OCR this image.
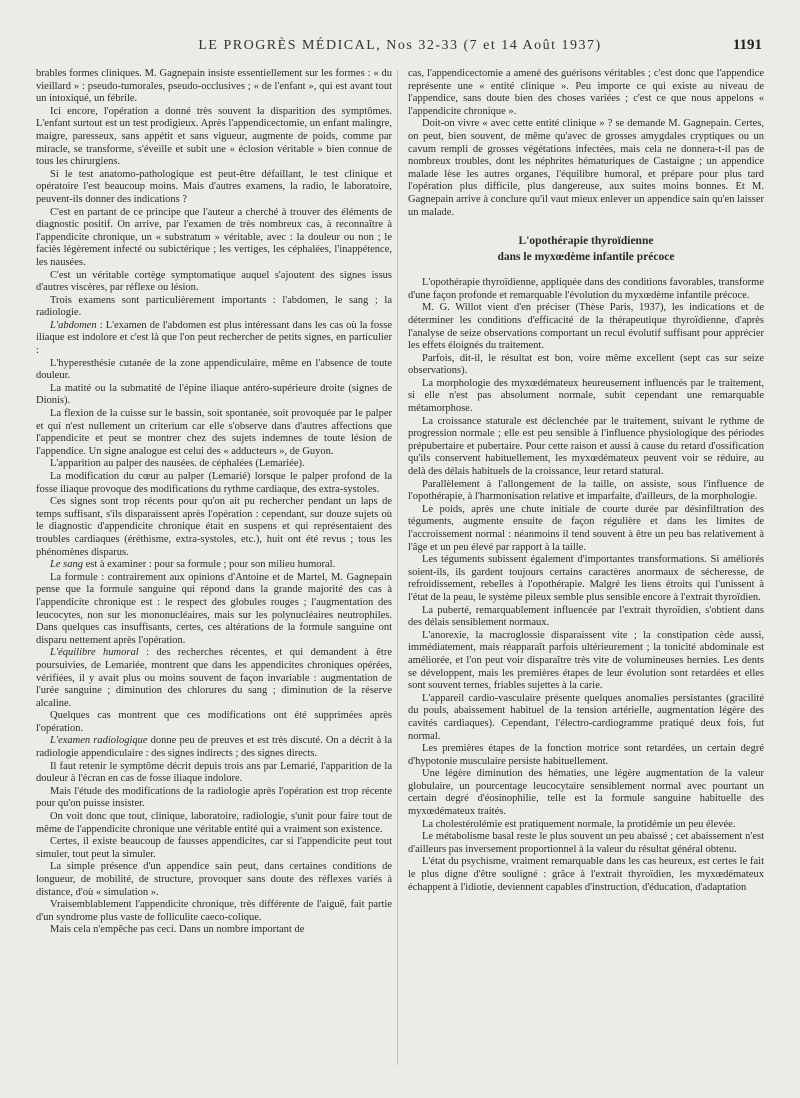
LE PROGRÈS MÉDICAL, Nos 32-33 (7 et 14 Août 1937)	1191

brables formes cliniques. M. Gagnepain insiste essentiellement sur les formes : « du vieillard » : pseudo-tumorales, pseudo-occlusives ; « de l'enfant », qui est avant tout un intoxiqué, un fébrile.

Ici encore, l'opération a donné très souvent la disparition des symptômes. L'enfant surtout est un test prodigieux. Après l'appendicectomie, un enfant malingre, maigre, paresseux, sans appétit et sans vigueur, augmente de poids, comme par miracle, se transforme, s'éveille et subit une « éclosion véritable » bien connue de tous les chirurgiens.

Si le test anatomo-pathologique est peut-être défaillant, le test clinique et opératoire l'est beaucoup moins. Mais d'autres examens, la radio, le laboratoire, peuvent-ils donner des indications ?

C'est en partant de ce principe que l'auteur a cherché à trouver des éléments de diagnostic positif. On arrive, par l'examen de très nombreux cas, à reconnaître à l'appendicite chronique, un « substratum » véritable, avec : la douleur ou non ; le faciès légèrement infecté ou subictérique ; les vertiges, les céphalées, l'inappétence, les nausées.

C'est un véritable cortège symptomatique auquel s'ajoutent des signes issus d'autres viscères, par réflexe ou lésion.

Trois examens sont particulièrement importants : l'abdomen, le sang ; la radiologie.

L'abdomen : L'examen de l'abdomen est plus intéressant dans les cas où la fosse iliaque est indolore et c'est là que l'on peut rechercher de petits signes, en particulier :

L'hyperesthésie cutanée de la zone appendiculaire, même en l'absence de toute douleur.

La matité ou la submatité de l'épine iliaque antéro-supérieure droite (signes de Dionis).

La flexion de la cuisse sur le bassin, soit spontanée, soit provoquée par le palper et qui n'est nullement un criterium car elle s'observe dans d'autres affections que l'appendicite et peut se montrer chez des sujets indemnes de toute lésion de l'appendice. Un signe analogue est celui des « adducteurs », de Guyon.

L'apparition au palper des nausées. de céphalées (Lemariée).

La modification du cœur au palper (Lemarié) lorsque le palper profond de la fosse iliaque provoque des modifications du rythme cardiaque, des extra-systoles.

Ces signes sont trop récents pour qu'on ait pu rechercher pendant un laps de temps suffisant, s'ils disparaissent après l'opération : cependant, sur douze sujets où le diagnostic d'appendicite chronique était en suspens et qui représentaient des troubles cardiaques (éréthisme, extra-systoles, etc.), huit ont été revus ; tous les phénomènes disparus.

Le sang est à examiner : pour sa formule ; pour son milieu humoral.

La formule : contrairement aux opinions d'Antoine et de Martel, M. Gagnepain pense que la formule sanguine qui répond dans la grande majorité des cas à l'appendicite chronique est : le respect des globules rouges ; l'augmentation des leucocytes, non sur les mononucléaires, mais sur les polynucléaires neutrophiles. Dans quelques cas insuffisants, certes, ces altérations de la formule sanguine ont disparu nettement après l'opération.

L'équilibre humoral : des recherches récentes, et qui demandent à être poursuivies, de Lemariée, montrent que dans les appendicites chroniques opérées, vérifiées, il y avait plus ou moins souvent de façon invariable : augmentation de l'urée sanguine ; diminution des chlorures du sang ; diminution de la réserve alcaline.

Quelques cas montrent que ces modifications ont été supprimées après l'opération.

L'examen radiologique donne peu de preuves et est très discuté. On a décrit à la radiologie appendiculaire : des signes indirects ; des signes directs.

Il faut retenir le symptôme décrit depuis trois ans par Lemarié, l'apparition de la douleur à l'écran en cas de fosse iliaque indolore.

Mais l'étude des modifications de la radiologie après l'opération est trop récente pour qu'on puisse insister.

On voit donc que tout, clinique, laboratoire, radiologie, s'unit pour faire tout de même de l'appendicite chronique une véritable entité qui a vraiment son existence.

Certes, il existe beaucoup de fausses appendicites, car si l'appendicite peut tout simuler, tout peut la simuler.

La simple présence d'un appendice sain peut, dans certaines conditions de longueur, de mobilité, de structure, provoquer sans doute des réflexes variés à distance, d'où « simulation ».

Vraisemblablement l'appendicite chronique, très différente de l'aiguë, fait partie d'un syndrome plus vaste de folliculite caeco-colique.

Mais cela n'empêche pas ceci. Dans un nombre important de

cas, l'appendicectomie a amené des guérisons véritables ; c'est donc que l'appendice représente une « entité clinique ». Peu importe ce qui existe au niveau de l'appendice, sans doute bien des choses variées ; c'est ce que nous appelons « l'appendicite chronique ».

Doit-on vivre « avec cette entité clinique » ? se demande M. Gagnepain. Certes, on peut, bien souvent, de même qu'avec de grosses amygdales cryptiques ou un cavum rempli de grosses végétations infectées, mais cela ne donnera-t-il pas de nombreux troubles, dont les néphrites hématuriques de Castaigne ; un appendice malade lèse les autres organes, l'équilibre humoral, et prépare pour plus tard l'opération plus difficile, plus dangereuse, aux suites moins bonnes. Et M. Gagnepain arrive à conclure qu'il vaut mieux enlever un appendice sain qu'en laisser un malade.

L'opothérapie thyroïdienne
dans le myxœdème infantile précoce

L'opothérapie thyroïdienne, appliquée dans des conditions favorables, transforme d'une façon profonde et remarquable l'évolution du myxœdème infantile précoce.

M. G. Willot vient d'en préciser (Thèse Paris, 1937), les indications et de déterminer les conditions d'efficacité de la thérapeutique thyroïdienne, d'après l'analyse de seize observations comportant un recul évolutif suffisant pour apprécier les effets éloignés du traitement.

Parfois, dit-il, le résultat est bon, voire même excellent (sept cas sur seize observations).

La morphologie des myxœdémateux heureusement influencés par le traitement, si elle n'est pas absolument normale, subit cependant une remarquable métamorphose.

La croissance staturale est déclenchée par le traitement, suivant le rythme de progression normale ; elle est peu sensible à l'influence physiologique des périodes prépubertaire et pubertaire. Pour cette raison et aussi à cause du retard d'ossification qu'ils conservent habituellement, les myxœdémateux peuvent voir se réduire, au delà des délais habituels de la croissance, leur retard statural.

Parallèlement à l'allongement de la taille, on assiste, sous l'influence de l'opothérapie, à l'harmonisation relative et imparfaite, d'ailleurs, de la morphologie.

Le poids, après une chute initiale de courte durée par désinfiltration des téguments, augmente ensuite de façon régulière et dans les limites de l'accroissement normal : néanmoins il tend souvent à être un peu bas relativement à l'âge et un peu élevé par rapport à la taille.

Les téguments subissent également d'importantes transformations. Si améliorés soient-ils, ils gardent toujours certains caractères anormaux de sécheresse, de refroidissement, rebelles à l'opothérapie. Malgré les liens étroits qui l'unissent à l'état de la peau, le système pileux semble plus sensible encore à l'extrait thyroïdien.

La puberté, remarquablement influencée par l'extrait thyroïdien, s'obtient dans des délais sensiblement normaux.

L'anorexie, la macroglossie disparaissent vite ; la constipation cède aussi, immédiatement, mais réapparaît parfois ultérieurement ; la tonicité abdominale est améliorée, et l'on peut voir disparaître très vite de volumineuses hernies. Les dents se développent, mais les premières étapes de leur évolution sont retardées et elles sont souvent ternes, friables sujettes à la carie.

L'appareil cardio-vasculaire présente quelques anomalies persistantes (gracilité du pouls, abaissement habituel de la tension artérielle, augmentation légère des cavités cardiaques). Cependant, l'électro-cardiogramme pratiqué deux fois, fut normal.

Les premières étapes de la fonction motrice sont retardées, un certain degré d'hypotonie musculaire persiste habituellement.

Une légère diminution des hématies, une légère augmentation de la valeur globulaire, un pourcentage leucocytaire sensiblement normal avec pourtant un certain degré d'éosinophilie, telle est la formule sanguine habituelle des myxœdémateux traités.

La cholestérolémie est pratiquement normale, la protidémie un peu élevée.

Le métabolisme basal reste le plus souvent un peu abaissé ; cet abaissement n'est d'ailleurs pas inversement proportionnel à la valeur du résultat général obtenu.

L'état du psychisme, vraiment remarquable dans les cas heureux, est certes le fait le plus digne d'être souligné : grâce à l'extrait thyroïdien, les myxœdémateux échappent à l'idiotie, deviennent capables d'instruction, d'éducation, d'adaptation
